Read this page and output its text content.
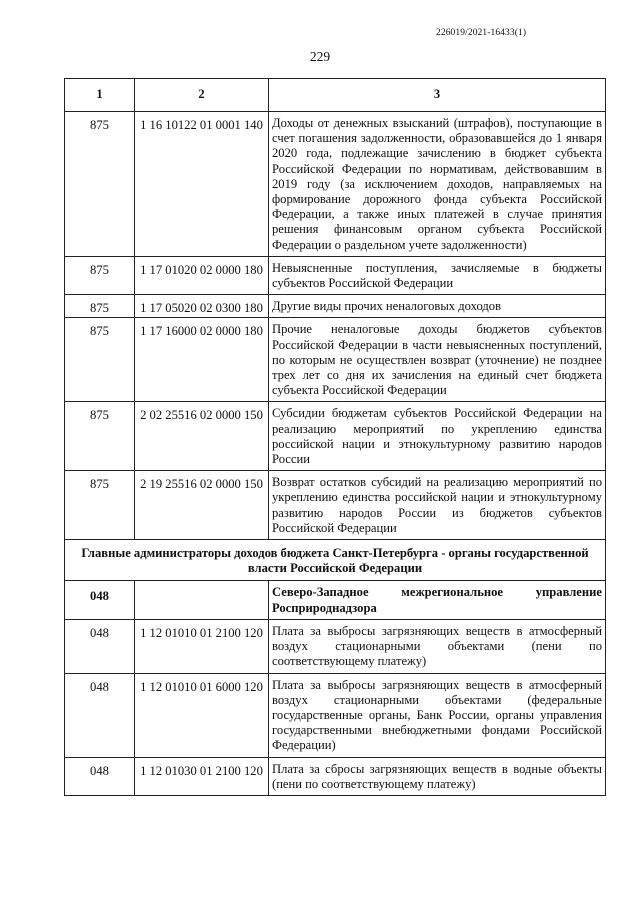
226019/2021-16433(1)
229
1	2	3
875	1 16 10122 01 0001 140	Доходы от денежных взысканий (штрафов), поступающие в счет погашения задолженности, образовавшейся до 1 января 2020 года, подлежащие зачислению в бюджет субъекта Российской Федерации по нормативам, действовавшим в 2019 году (за исключением доходов, направляемых на формирование дорожного фонда субъекта Российской Федерации, а также иных платежей в случае принятия решения финансовым органом субъекта Российской Федерации о раздельном учете задолженности)
875	1 17 01020 02 0000 180	Невыясненные поступления, зачисляемые в бюджеты субъектов Российской Федерации
875	1 17 05020 02 0300 180	Другие виды прочих неналоговых доходов
875	1 17 16000 02 0000 180	Прочие неналоговые доходы бюджетов субъектов Российской Федерации в части невыясненных поступлений, по которым не осуществлен возврат (уточнение) не позднее трех лет со дня их зачисления на единый счет бюджета субъекта Российской Федерации
875	2 02 25516 02 0000 150	Субсидии бюджетам субъектов Российской Федерации на реализацию мероприятий по укреплению единства российской нации и этнокультурному развитию народов России
875	2 19 25516 02 0000 150	Возврат остатков субсидий на реализацию мероприятий по укреплению единства российской нации и этнокультурному развитию народов России из бюджетов субъектов Российской Федерации
Главные администраторы доходов бюджета Санкт-Петербурга - органы государственной власти Российской Федерации		
048		Северо-Западное межрегиональное управление Росприроднадзора
048	1 12 01010 01 2100 120	Плата за выбросы загрязняющих веществ в атмосферный воздух стационарными объектами (пени по соответствующему платежу)
048	1 12 01010 01 6000 120	Плата за выбросы загрязняющих веществ в атмосферный воздух стационарными объектами (федеральные государственные органы, Банк России, органы управления государственными внебюджетными фондами Российской Федерации)
048	1 12 01030 01 2100 120	Плата за сбросы загрязняющих веществ в водные объекты (пени по соответствующему платежу)
